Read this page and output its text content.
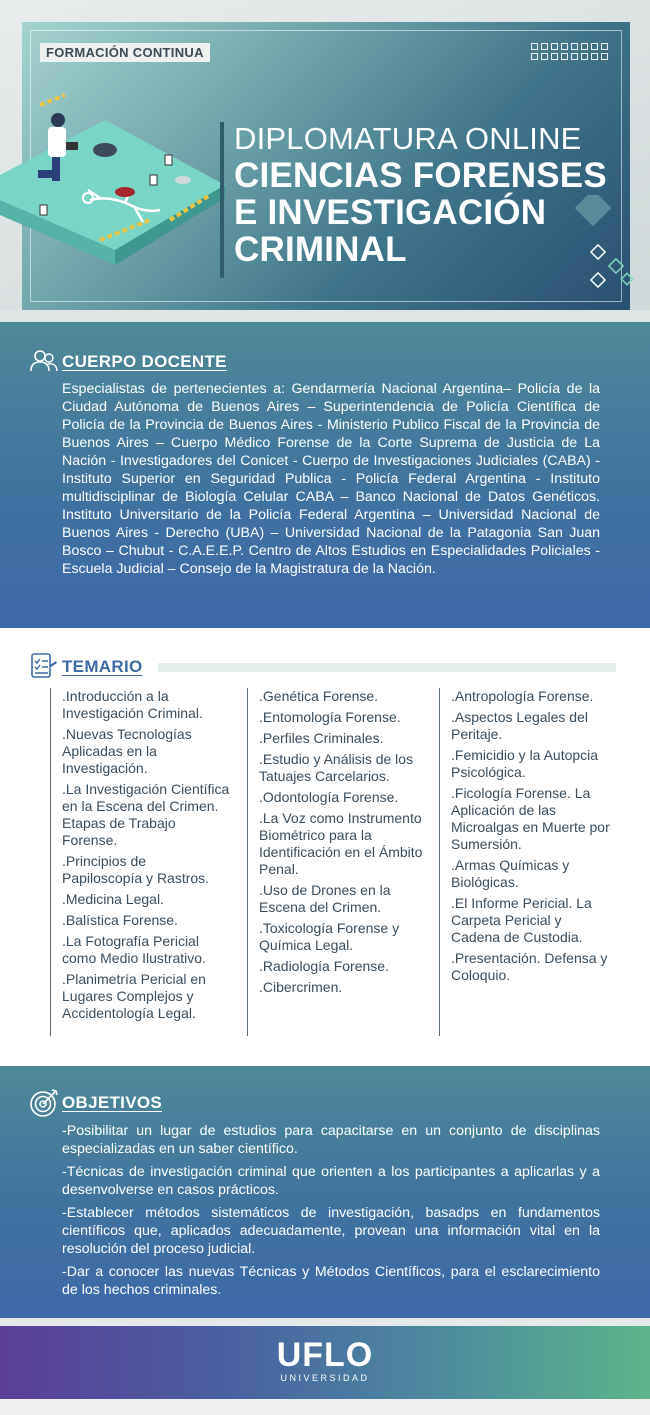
FORMACIÓN CONTINUA
DIPLOMATURA ONLINE
CIENCIAS FORENSES
E INVESTIGACIÓN
CRIMINAL
CUERPO DOCENTE
Especialistas de pertenecientes a: Gendarmería Nacional Argentina– Policía de la Ciudad Autónoma de Buenos Aires – Superintendencia de Policía Científica de Policía de la Provincia de Buenos Aires - Ministerio Publico Fiscal de la Provincia de Buenos Aires – Cuerpo Médico Forense de la Corte Suprema de Justicia de La Nación - Investigadores del Conicet - Cuerpo de Investigaciones Judiciales (CABA) - Instituto Superior en Seguridad Publica - Policía Federal Argentina - Instituto multidisciplinar de Biología Celular CABA – Banco Nacional de Datos Genéticos. Instituto Universitario de la Policía Federal Argentina – Universidad Nacional de Buenos Aires - Derecho (UBA) – Universidad Nacional de la Patagonia San Juan Bosco – Chubut - C.A.E.E.P. Centro de Altos Estudios en Especialidades Policiales - Escuela Judicial – Consejo de la Magistratura de la Nación.
TEMARIO
.Introducción a la Investigación Criminal.
.Nuevas Tecnologías Aplicadas en la Investigación.
.La Investigación Científica en la Escena del Crimen. Etapas de Trabajo Forense.
.Principios de Papiloscopía y Rastros.
.Medicina Legal.
.Balística Forense.
.La Fotografía Pericial como Medio Ilustrativo.
.Planimetría Pericial en Lugares Complejos y Accidentología Legal.
.Genética Forense.
.Entomología Forense.
.Perfiles Criminales.
.Estudio y Análisis de los Tatuajes Carcelarios.
.Odontología Forense.
.La Voz como Instrumento Biométrico para la Identificación en el Ámbito Penal.
.Uso de Drones en la Escena del Crimen.
.Toxicología Forense y Química Legal.
.Radiología Forense.
.Cibercrimen.
.Antropología Forense.
.Aspectos Legales del Peritaje.
.Femicidio y la Autopcia Psicológica.
.Ficología Forense. La Aplicación de las Microalgas en Muerte por Sumersión.
.Armas Químicas y Biológicas.
.El Informe Pericial. La Carpeta Pericial y Cadena de Custodia.
.Presentación. Defensa y Coloquio.
OBJETIVOS
-Posibilitar un lugar de estudios para capacitarse en un conjunto de disciplinas especializadas en un saber científico.
-Técnicas de investigación criminal que orienten a los participantes a aplicarlas y a desenvolverse en casos prácticos.
-Establecer métodos sistemáticos de investigación, basadps en fundamentos científicos que, aplicados adecuadamente, provean una información vital en la resolución del proceso judicial.
-Dar a conocer las nuevas Técnicas y Métodos Científicos, para el esclarecimiento de los hechos criminales.
UFLO
UNIVERSIDAD
